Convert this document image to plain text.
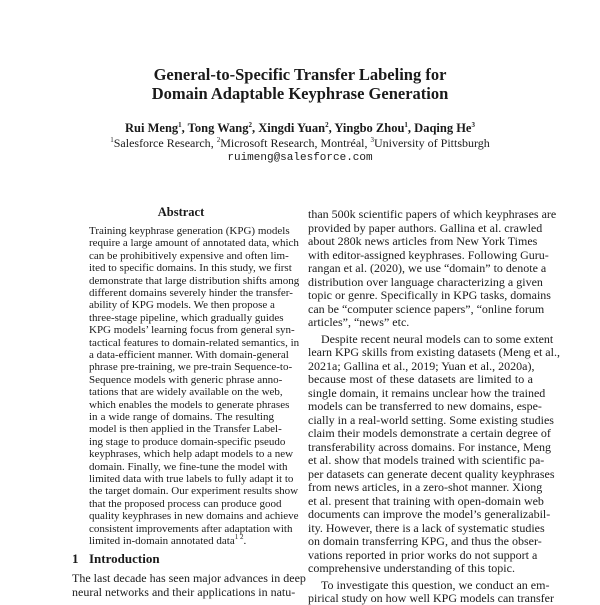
General-to-Specific Transfer Labeling for
Domain Adaptable Keyphrase Generation
Rui Meng$^1$, Tong Wang$^2$, Xingdi Yuan$^2$, Yingbo Zhou$^1$, Daqing He$^3$
$^1$Salesforce Research, $^2$Microsoft Research, Montréal, $^3$University of Pittsburgh
ruimeng@salesforce.com
Abstract
Training keyphrase generation (KPG) models
require a large amount of annotated data, which
can be prohibitively expensive and often lim-
ited to specific domains. In this study, we first
demonstrate that large distribution shifts among
different domains severely hinder the transfer-
ability of KPG models. We then propose a
three-stage pipeline, which gradually guides
KPG models’ learning focus from general syn-
tactical features to domain-related semantics, in
a data-efficient manner. With domain-general
phrase pre-training, we pre-train Sequence-to-
Sequence models with generic phrase anno-
tations that are widely available on the web,
which enables the models to generate phrases
in a wide range of domains. The resulting
model is then applied in the Transfer Label-
ing stage to produce domain-specific pseudo
keyphrases, which help adapt models to a new
domain. Finally, we fine-tune the model with
limited data with true labels to fully adapt it to
the target domain. Our experiment results show
that the proposed process can produce good
quality keyphrases in new domains and achieve
consistent improvements after adaptation with
limited in-domain annotated data$^{1 2}$.
1 Introduction
The last decade has seen major advances in deep
neural networks and their applications in natu-
than 500k scientific papers of which keyphrases are
provided by paper authors. Gallina et al. crawled
about 280k news articles from New York Times
with editor-assigned keyphrases. Following Guru-
rangan et al. (2020), we use “domain” to denote a
distribution over language characterizing a given
topic or genre. Specifically in KPG tasks, domains
can be “computer science papers”, “online forum
articles”, “news” etc.
Despite recent neural models can to some extent
learn KPG skills from existing datasets (Meng et al.,
2021a; Gallina et al., 2019; Yuan et al., 2020a),
because most of these datasets are limited to a
single domain, it remains unclear how the trained
models can be transferred to new domains, espe-
cially in a real-world setting. Some existing studies
claim their models demonstrate a certain degree of
transferability across domains. For instance, Meng
et al. show that models trained with scientific pa-
per datasets can generate decent quality keyphrases
from news articles, in a zero-shot manner. Xiong
et al. present that training with open-domain web
documents can improve the model’s generalizabil-
ity. However, there is a lack of systematic studies
on domain transferring KPG, and thus the obser-
vations reported in prior works do not support a
comprehensive understanding of this topic.
To investigate this question, we conduct an em-
pirical study on how well KPG models can transfer
